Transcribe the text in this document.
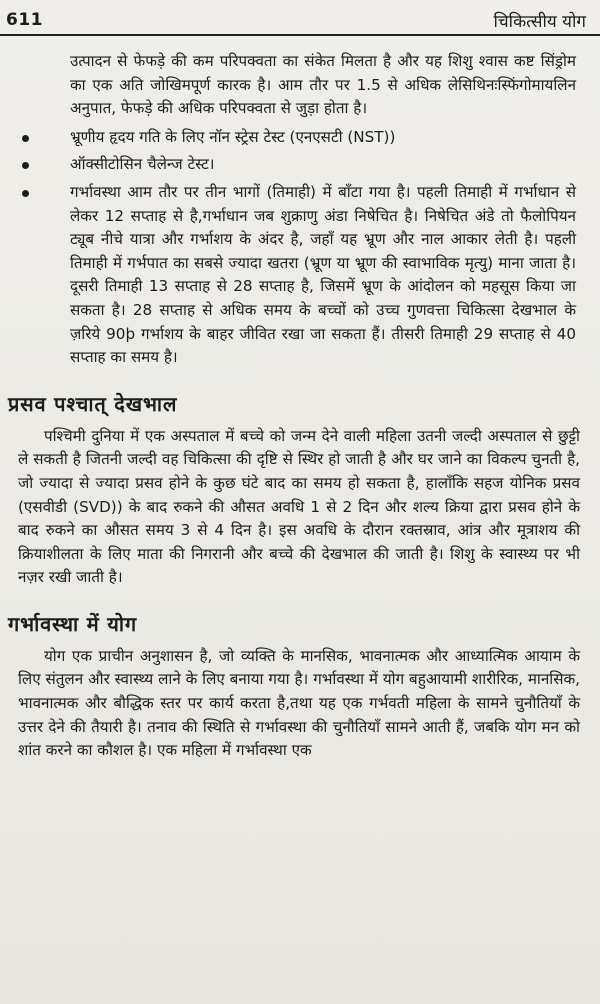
611	चिकित्सीय योग

उत्पादन से फेफड़े की कम परिपक्वता का संकेत मिलता है और यह शिशु श्वास कष्ट सिंड्रोम का एक अति जोखिमपूर्ण कारक है। आम तौर पर 1.5 से अधिक लेसिथिनःस्फिंगोमायलिन अनुपात, फेफड़े की अधिक परिपक्वता से जुड़ा होता है।

भ्रूणीय हृदय गति के लिए नॉन स्ट्रेस टेस्ट (एनएसटी (NST))
ऑक्सीटोसिन चैलेन्ज टेस्ट।
गर्भावस्था आम तौर पर तीन भागों (तिमाही) में बाँटा गया है। पहली तिमाही में गर्भाधान से लेकर 12 सप्ताह से है,गर्भाधान जब शुक्राणु अंडा निषेचित है। निषेचित अंडे तो फैलोपियन ट्यूब नीचे यात्रा और गर्भाशय के अंदर है, जहाँ यह भ्रूण और नाल आकार लेती है। पहली तिमाही में गर्भपात का सबसे ज्यादा खतरा (भ्रूण या भ्रूण की स्वाभाविक मृत्यु) माना जाता है। दूसरी तिमाही 13 सप्ताह से 28 सप्ताह है, जिसमें भ्रूण के आंदोलन को महसूस किया जा सकता है। 28 सप्ताह से अधिक समय के बच्चों को उच्च गुणवत्ता चिकित्सा देखभाल के ज़रिये 90þ गर्भाशय के बाहर जीवित रखा जा सकता हैं। तीसरी तिमाही 29 सप्ताह से 40 सप्ताह का समय है।
प्रसव पश्चात् देखभाल

पश्चिमी दुनिया में एक अस्पताल में बच्चे को जन्म देने वाली महिला उतनी जल्दी अस्पताल से छुट्टी ले सकती है जितनी जल्दी वह चिकित्सा की दृष्टि से स्थिर हो जाती है और घर जाने का विकल्प चुनती है, जो ज्यादा से ज्यादा प्रसव होने के कुछ घंटे बाद का समय हो सकता है, हालाँकि सहज योनिक प्रसव (एसवीडी (SVD)) के बाद रुकने की औसत अवधि 1 से 2 दिन और शल्य क्रिया द्वारा प्रसव होने के बाद रुकने का औसत समय 3 से 4 दिन है। इस अवधि के दौरान रक्तस्राव, आंत्र और मूत्राशय की क्रियाशीलता के लिए माता की निगरानी और बच्चे की देखभाल की जाती है। शिशु के स्वास्थ्य पर भी नज़र रखी जाती है।

गर्भावस्था में योग

योग एक प्राचीन अनुशासन है, जो व्यक्ति के मानसिक, भावनात्मक और आध्यात्मिक आयाम के लिए संतुलन और स्वास्थ्य लाने के लिए बनाया गया है। गर्भावस्था में योग बहुआयामी शारीरिक, मानसिक, भावनात्मक और बौद्धिक स्तर पर कार्य करता है,तथा यह एक गर्भवती महिला के सामने चुनौतियाँ के उत्तर देने की तैयारी है। तनाव की स्थिति से गर्भावस्था की चुनौतियाँ सामने आती हैं, जबकि योग मन को शांत करने का कौशल है। एक महिला में गर्भावस्था एक
